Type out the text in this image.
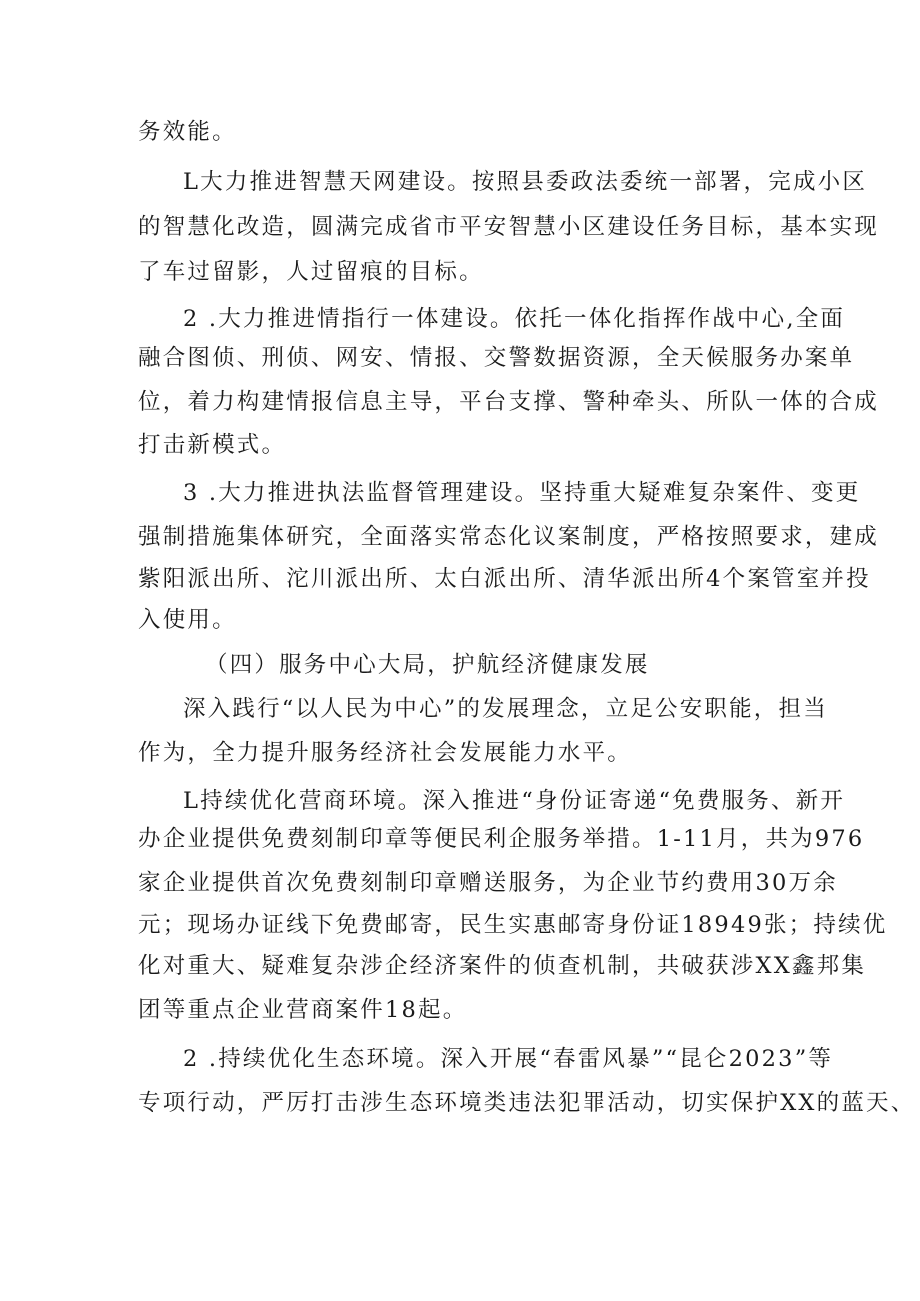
务效能。
L大力推进智慧天网建设。按照县委政法委统一部署，完成小区
的智慧化改造，圆满完成省市平安智慧小区建设任务目标，基本实现
了车过留影，人过留痕的目标。
2 .大力推进情指行一体建设。依托一体化指挥作战中心,全面
融合图侦、刑侦、网安、情报、交警数据资源，全天候服务办案单
位，着力构建情报信息主导，平台支撑、警种牵头、所队一体的合成
打击新模式。
3 .大力推进执法监督管理建设。坚持重大疑难复杂案件、变更
强制措施集体研究，全面落实常态化议案制度，严格按照要求，建成
紫阳派出所、沱川派出所、太白派出所、清华派出所4个案管室并投
入使用。
（四）服务中心大局，护航经济健康发展
深入践行“以人民为中心”的发展理念，立足公安职能，担当
作为，全力提升服务经济社会发展能力水平。
L持续优化营商环境。深入推进“身份证寄递“免费服务、新开
办企业提供免费刻制印章等便民利企服务举措。1-11月，共为976
家企业提供首次免费刻制印章赠送服务，为企业节约费用30万余
元；现场办证线下免费邮寄，民生实惠邮寄身份证18949张；持续优
化对重大、疑难复杂涉企经济案件的侦查机制，共破获涉XX鑫邦集
团等重点企业营商案件18起。
2 .持续优化生态环境。深入开展“春雷风暴”“昆仑2023”等
专项行动，严厉打击涉生态环境类违法犯罪活动，切实保护XX的蓝天、
